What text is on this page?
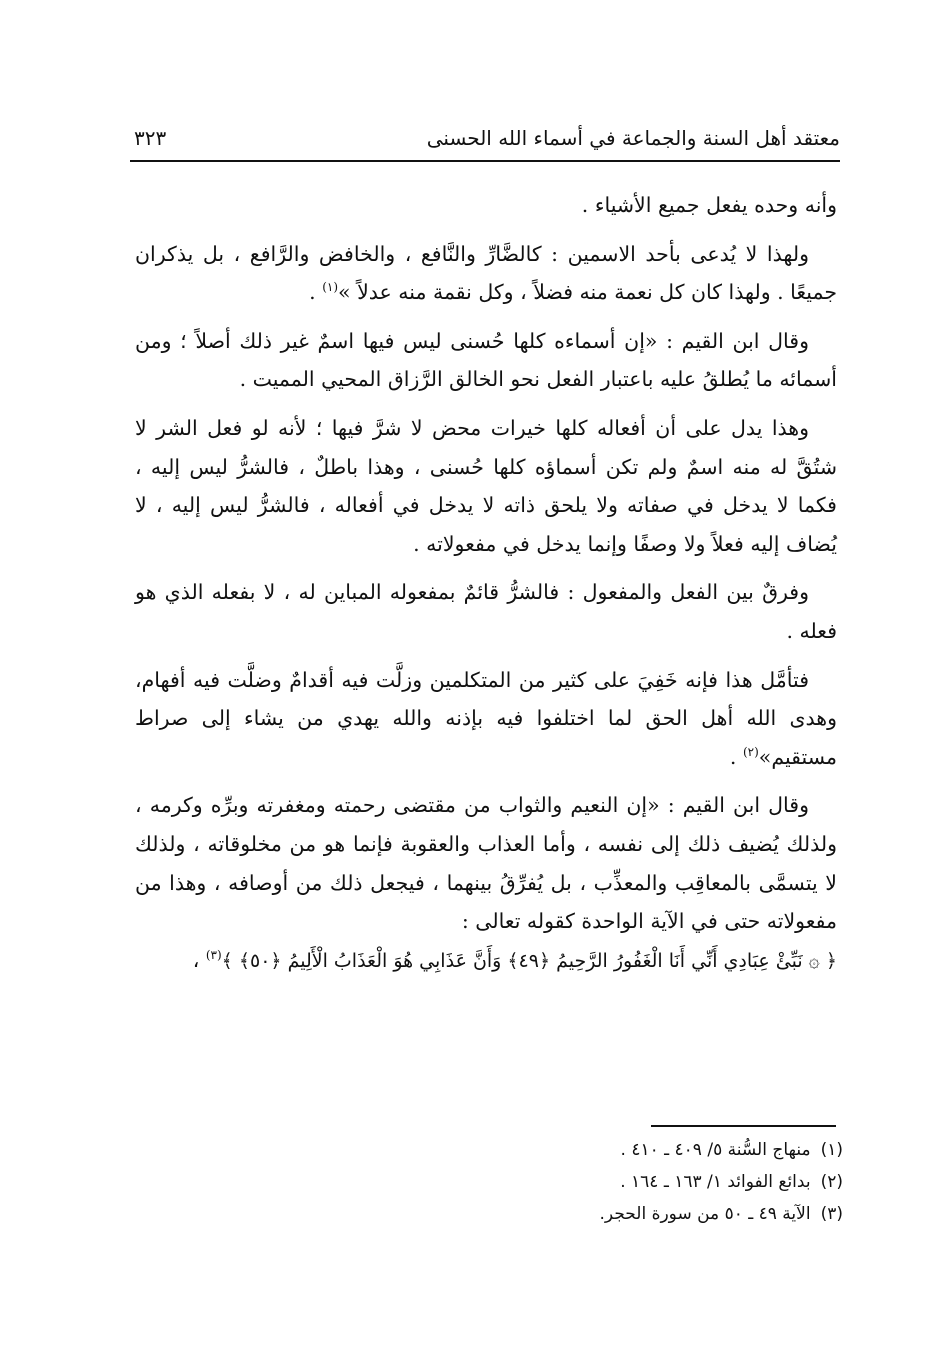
معتقد أهل السنة والجماعة في أسماء الله الحسنى
٣٢٣

وأنه وحده يفعل جميع الأشياء .

ولهذا لا يُدعى بأحد الاسمين : كالضَّارِّ والنَّافع ، والخافض والرَّافع ، بل يذكران جميعًا . ولهذا كان كل نعمة منه فضلاً ، وكل نقمة منه عدلاً »$^{(١)}$ .

وقال ابن القيم : «إن أسماءه كلها حُسنى ليس فيها اسمٌ غير ذلك أصلاً ؛ ومن أسمائه ما يُطلقُ عليه باعتبار الفعل نحو الخالق الرَّزاق المحيي المميت .

وهذا يدل على أن أفعاله كلها خيرات محض لا شرَّ فيها ؛ لأنه لو فعل الشر لا شتُقَّ له منه اسمٌ ولم تكن أسماؤه كلها حُسنى ، وهذا باطلٌ ، فالشرُّ ليس إليه ، فكما لا يدخل في صفاته ولا يلحق ذاته لا يدخل في أفعاله ، فالشرُّ ليس إليه ، لا يُضاف إليه فعلاً ولا وصفًا وإنما يدخل في مفعولاته .

وفرقٌ بين الفعل والمفعول : فالشرُّ قائمٌ بمفعوله المباين له ، لا بفعله الذي هو فعله .

فتأمَّل هذا فإنه خَفِيَ على كثير من المتكلمين وزلَّت فيه أقدامٌ وضلَّت فيه أفهام، وهدى الله أهل الحق لما اختلفوا فيه بإذنه والله يهدي من يشاء إلى صراط مستقيم»$^{(٢)}$ .

وقال ابن القيم : «إن النعيم والثواب من مقتضى رحمته ومغفرته وبرِّه وكرمه ، ولذلك يُضيف ذلك إلى نفسه ، وأما العذاب والعقوبة فإنما هو من مخلوقاته ، ولذلك لا يتسمَّى بالمعاقِب والمعذِّب ، بل يُفرِّقُ بينهما ، فيجعل ذلك من أوصافه ، وهذا من مفعولاته حتى في الآية الواحدة كقوله تعالى :

﴿ ۞ نَبِّئْ عِبَادِي أَنِّي أَنَا الْغَفُورُ الرَّحِيمُ ﴿٤٩﴾ وَأَنَّ عَذَابِي هُوَ الْعَذَابُ الْأَلِيمُ ﴿٥٠﴾ ﴾$^{(٣)}$ ،

(١)منهاج السُّنة ٥/ ٤٠٩ ـ ٤١٠ .

(٢)بدائع الفوائد ١/ ١٦٣ ـ ١٦٤ .

(٣)الآية ٤٩ ـ ٥٠ من سورة الحجر.
